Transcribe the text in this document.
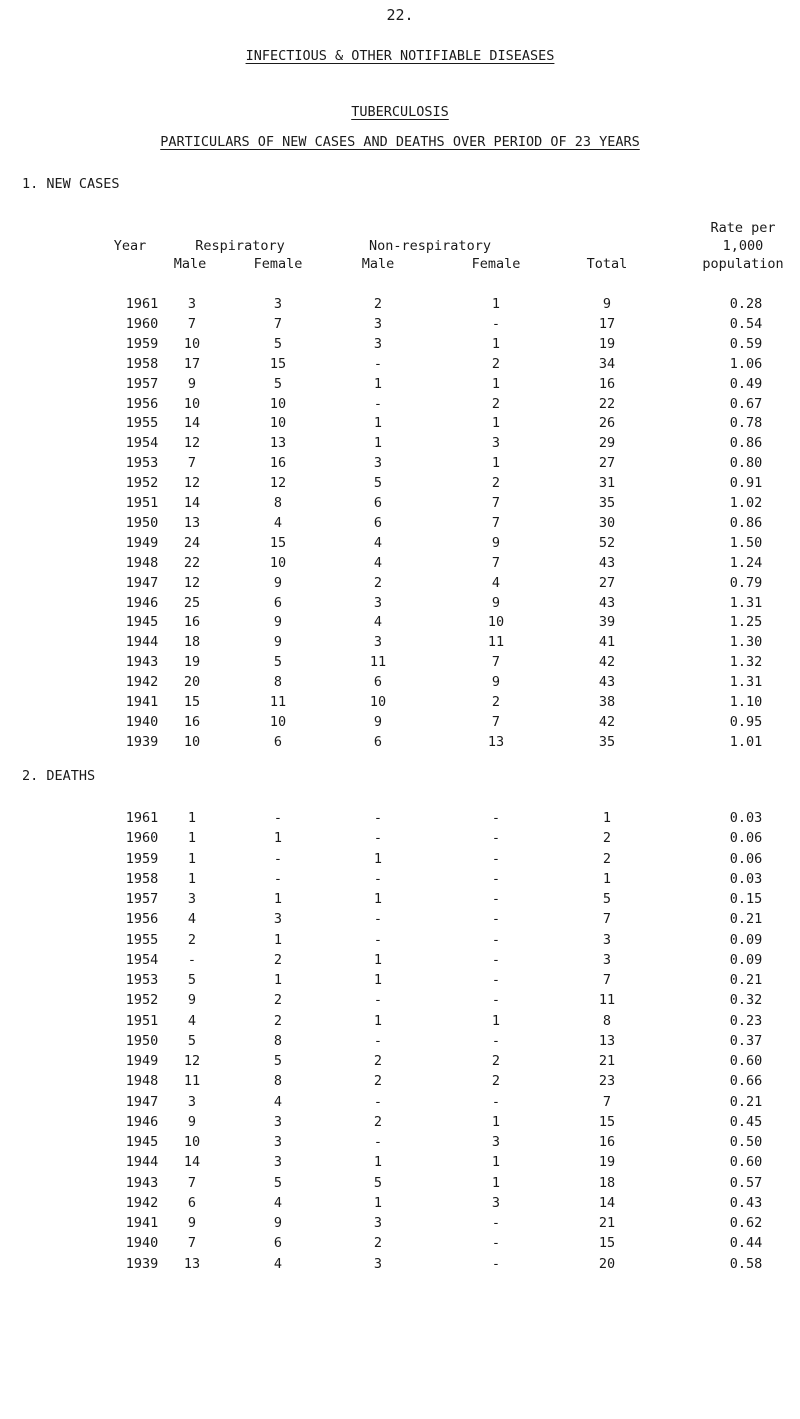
22.
INFECTIOUS & OTHER NOTIFIABLE DISEASES
TUBERCULOSIS
PARTICULARS OF NEW CASES AND DEATHS OVER PERIOD OF 23 YEARS
1. NEW CASES
Year	Respiratory
Male	Female
Non-respiratory
Male	Female	Total
Rate per
1,000
population
1961	3	3	2	1	9	0.28
1960	7	7	3	-	17	0.54
1959	10	5	3	1	19	0.59
1958	17	15	-	2	34	1.06
1957	9	5	1	1	16	0.49
1956	10	10	-	2	22	0.67
1955	14	10	1	1	26	0.78
1954	12	13	1	3	29	0.86
1953	7	16	3	1	27	0.80
1952	12	12	5	2	31	0.91
1951	14	8	6	7	35	1.02
1950	13	4	6	7	30	0.86
1949	24	15	4	9	52	1.50
1948	22	10	4	7	43	1.24
1947	12	9	2	4	27	0.79
1946	25	6	3	9	43	1.31
1945	16	9	4	10	39	1.25
1944	18	9	3	11	41	1.30
1943	19	5	11	7	42	1.32
1942	20	8	6	9	43	1.31
1941	15	11	10	2	38	1.10
1940	16	10	9	7	42	0.95
1939	10	6	6	13	35	1.01
2. DEATHS
1961	1	-	-	-	1	0.03
1960	1	1	-	-	2	0.06
1959	1	-	1	-	2	0.06
1958	1	-	-	-	1	0.03
1957	3	1	1	-	5	0.15
1956	4	3	-	-	7	0.21
1955	2	1	-	-	3	0.09
1954	-	2	1	-	3	0.09
1953	5	1	1	-	7	0.21
1952	9	2	-	-	11	0.32
1951	4	2	1	1	8	0.23
1950	5	8	-	-	13	0.37
1949	12	5	2	2	21	0.60
1948	11	8	2	2	23	0.66
1947	3	4	-	-	7	0.21
1946	9	3	2	1	15	0.45
1945	10	3	-	3	16	0.50
1944	14	3	1	1	19	0.60
1943	7	5	5	1	18	0.57
1942	6	4	1	3	14	0.43
1941	9	9	3	-	21	0.62
1940	7	6	2	-	15	0.44
1939	13	4	3	-	20	0.58
